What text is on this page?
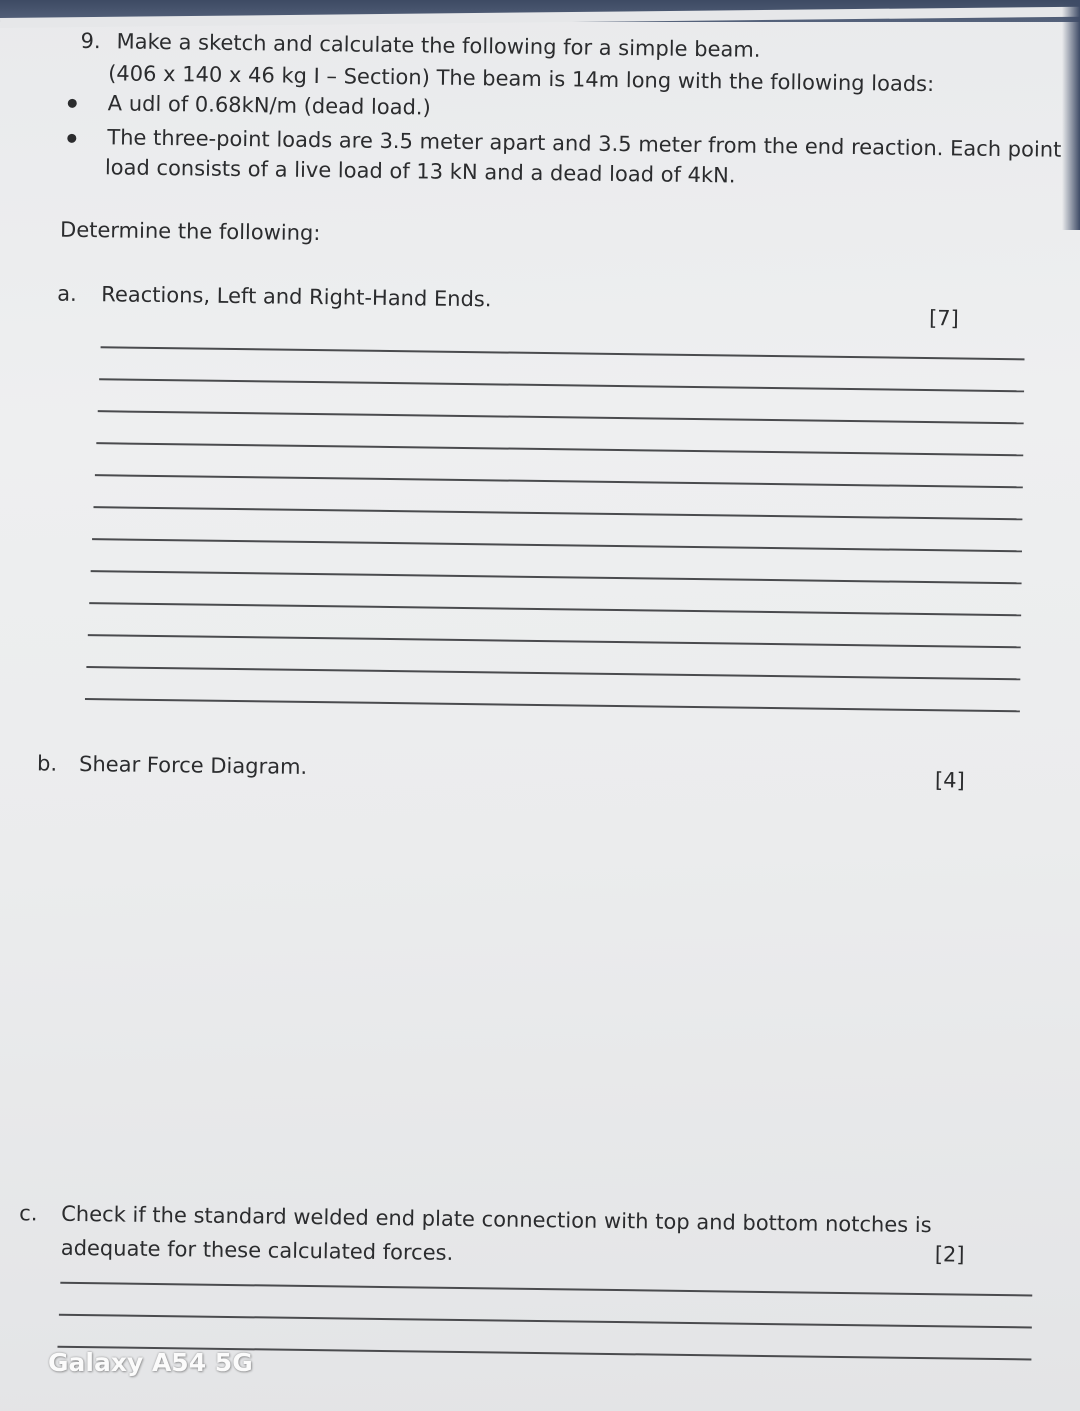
9. Make a sketch and calculate the following for a simple beam.
(406 x 140 x 46 kg I – Section) The beam is 14m long with the following loads:
A udl of 0.68kN/m (dead load.)
The three-point loads are 3.5 meter apart and 3.5 meter from the end reaction. Each point
load consists of a live load of 13 kN and a dead load of 4kN.
Determine the following:
a. Reactions, Left and Right-Hand Ends.
[7]
b. Shear Force Diagram.
[4]
c. Check if the standard welded end plate connection with top and bottom notches is
adequate for these calculated forces.	[2]
Galaxy A54 5G
